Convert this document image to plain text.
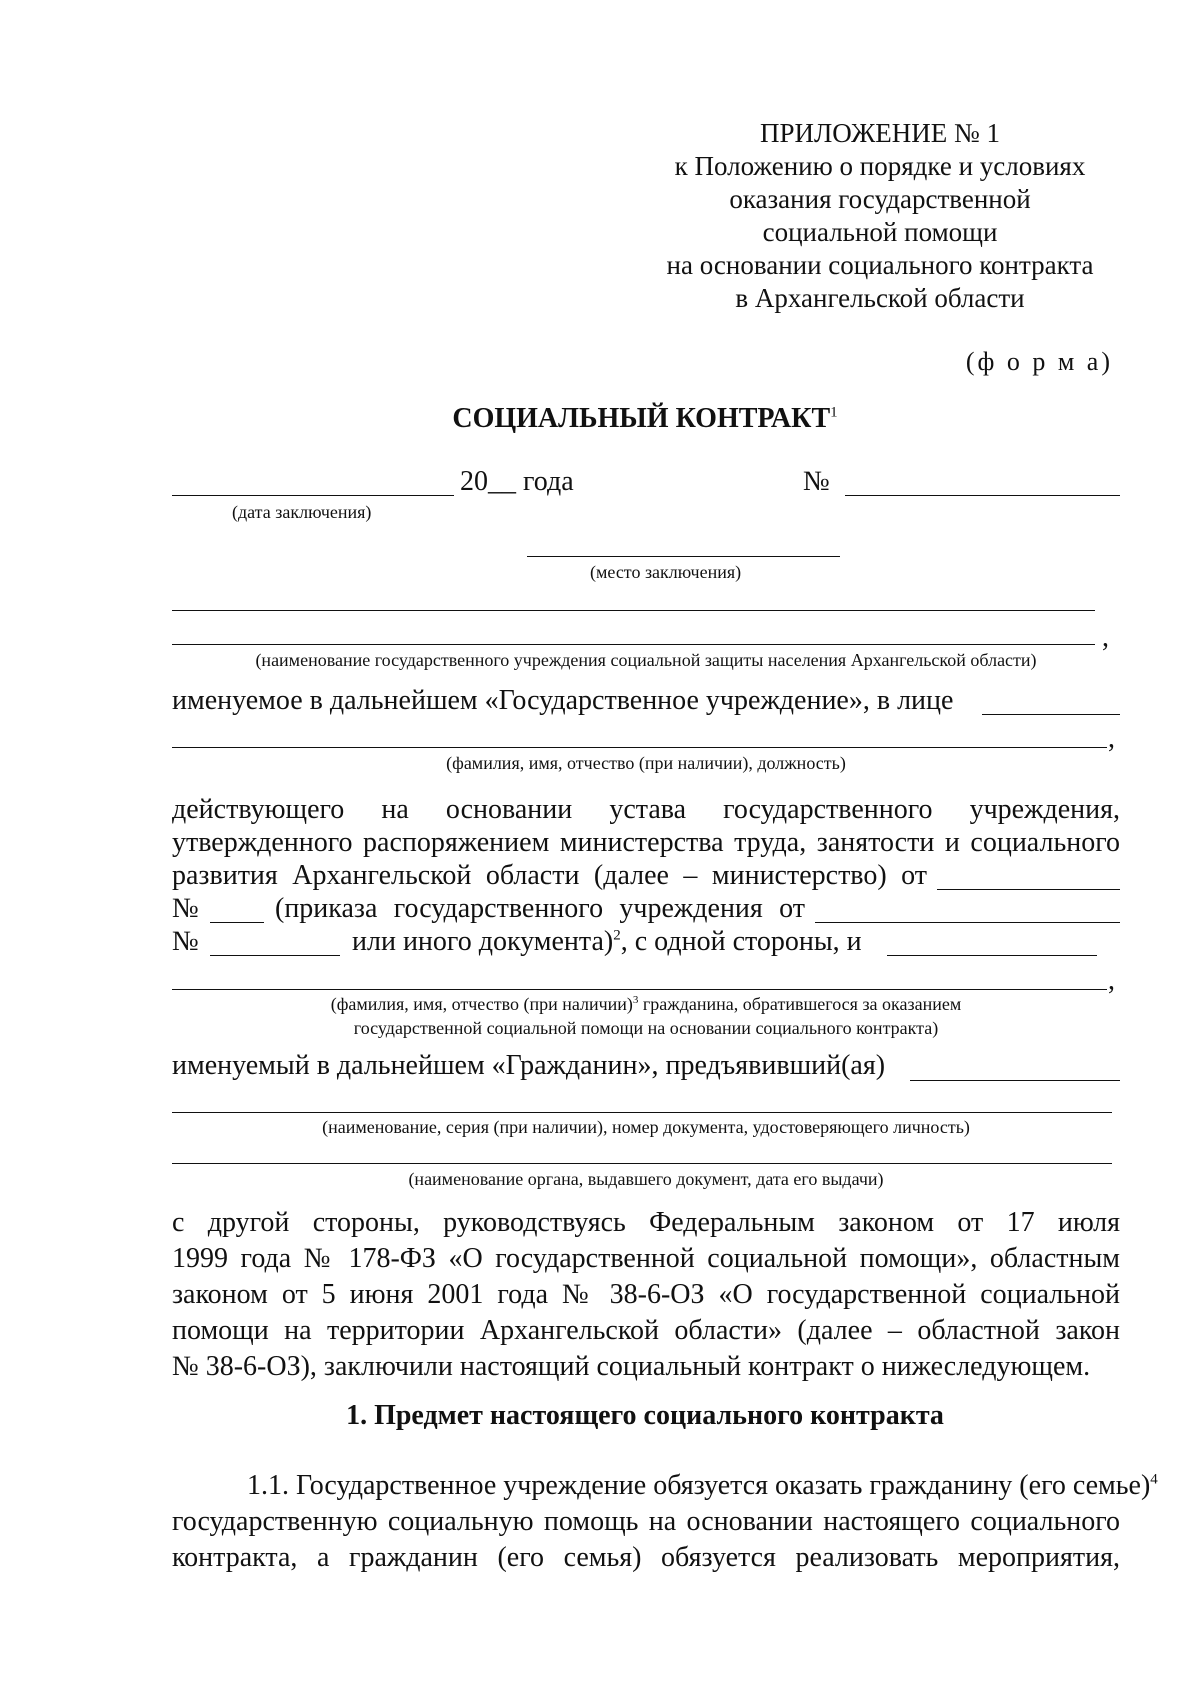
ПРИЛОЖЕНИЕ № 1
к Положению о порядке и условиях
оказания государственной
социальной помощи
на основании социального контракта
в Архангельской области
(ф о р м а)
СОЦИАЛЬНЫЙ КОНТРАКТ$^1$
20__ года	№
(дата заключения)
(место заключения)
,
(наименование государственного учреждения социальной защиты населения Архангельской области)
именуемое в дальнейшем «Государственное учреждение», в лице
,
(фамилия, имя, отчество (при наличии), должность)
действующего на основании устава государственного учреждения,
утвержденного распоряжением министерства труда, занятости и социального
развития Архангельской области (далее – министерство) от
№	(приказа государственного учреждения от
№	или иного документа)$^2$, с одной стороны, и
,
(фамилия, имя, отчество (при наличии)$^3$ гражданина, обратившегося за оказанием
государственной социальной помощи на основании социального контракта)
именуемый в дальнейшем «Гражданин», предъявивший(ая)
(наименование, серия (при наличии), номер документа, удостоверяющего личность)
(наименование органа, выдавшего документ, дата его выдачи)
с другой стороны, руководствуясь Федеральным законом от 17 июля
1999 года № 178-ФЗ «О государственной социальной помощи», областным
законом от 5 июня 2001 года № 38-6-ОЗ «О государственной социальной
помощи на территории Архангельской области» (далее – областной закон
№ 38-6-ОЗ), заключили настоящий социальный контракт о нижеследующем.
1. Предмет настоящего социального контракта
1.1. Государственное учреждение обязуется оказать гражданину (его семье)$^4$
государственную социальную помощь на основании настоящего социального
контракта, а гражданин (его семья) обязуется реализовать мероприятия,
